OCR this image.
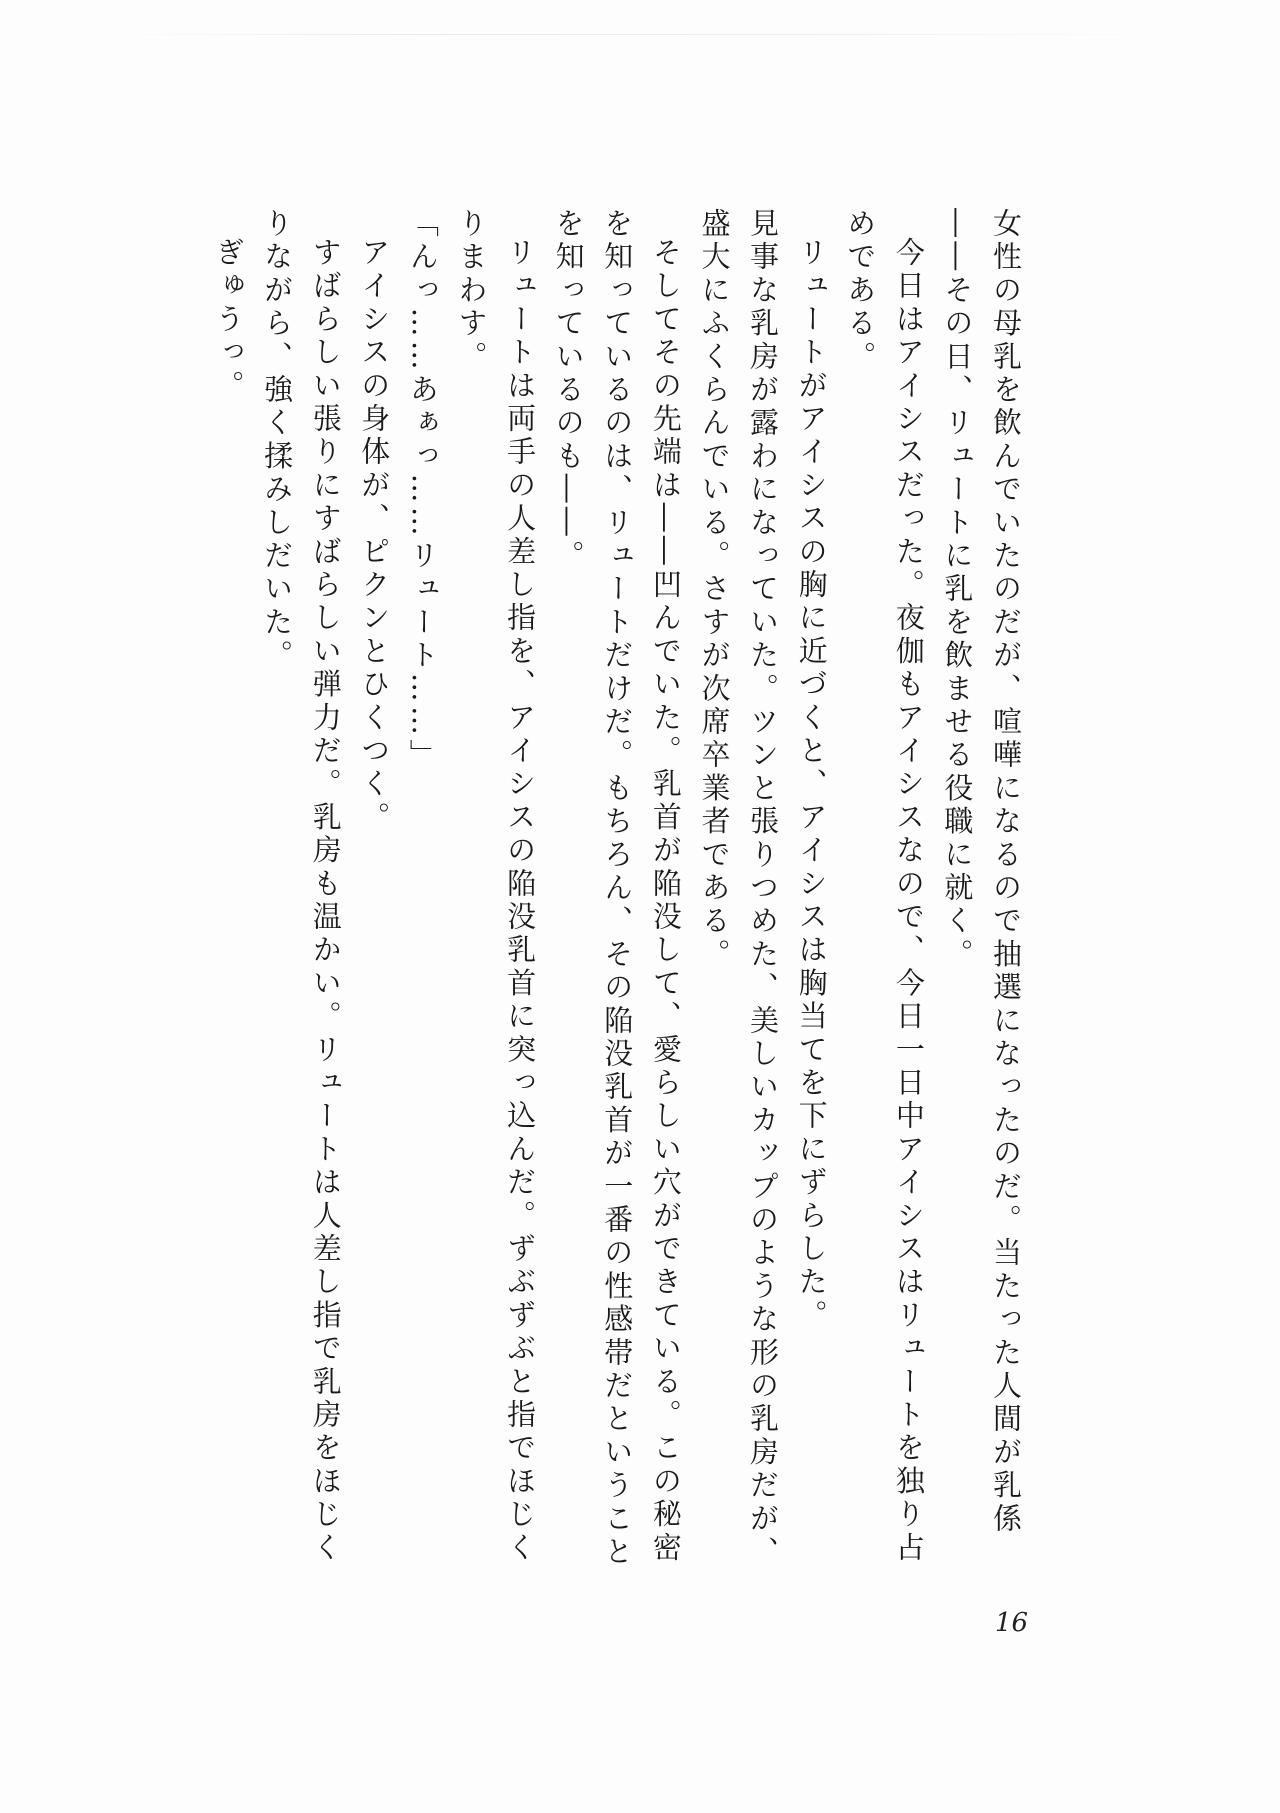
女性の母乳を飲んでいたのだが、喧嘩になるので抽選になったのだ。当たった人間が乳係

――その日、リュートに乳を飲ませる役職に就く。

今日はアイシスだった。夜伽もアイシスなので、今日一日中アイシスはリュートを独り占めである。

リュートがアイシスの胸に近づくと、アイシスは胸当てを下にずらした。

見事な乳房が露わになっていた。ツンと張りつめた、美しいカップのような形の乳房だが、盛大にふくらんでいる。さすが次席卒業者である。

そしてその先端は――凹んでいた。乳首が陥没して、愛らしい穴ができている。この秘密を知っているのは、リュートだけだ。もちろん、その陥没乳首が一番の性感帯だということを知っているのも――。

リュートは両手の人差し指を、アイシスの陥没乳首に突っ込んだ。ずぶずぶと指でほじくりまわす。

「んっ……あぁっ……リュート……」

アイシスの身体が、ピクンとひくつく。

すばらしい張りにすばらしい弾力だ。乳房も温かい。リュートは人差し指で乳房をほじくりながら、強く揉みしだいた。

ぎゅうっ。

16
